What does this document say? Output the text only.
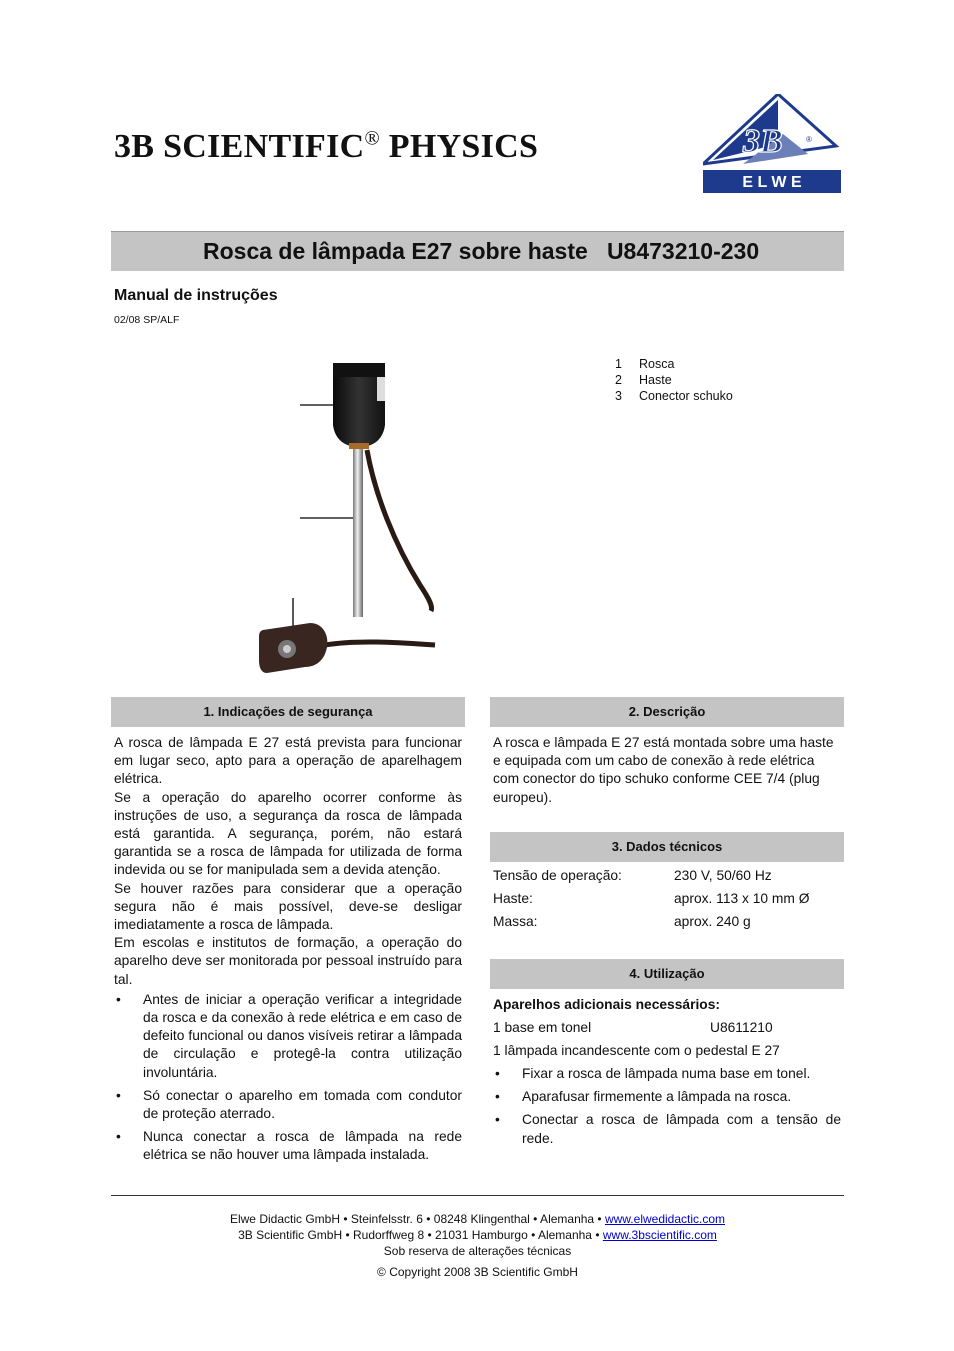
3B SCIENTIFIC® PHYSICS	3B	®
E L W E
Rosca de lâmpada E27 sobre haste   U8473210-230
Manual de instruções
02/08 SP/ALF
1	Rosca
2	Haste
3	Conector schuko
1. Indicações de segurança
A rosca de lâmpada E 27 está prevista para funcionar em lugar seco, apto para a operação de aparelhagem elétrica.
Se a operação do aparelho ocorrer conforme às instruções de uso, a segurança da rosca de lâmpada está garantida. A segurança, porém, não estará garantida se a rosca de lâmpada for utilizada de forma indevida ou se for manipulada sem a devida atenção.
Se houver razões para considerar que a operação segura não é mais possível, deve-se desligar imediatamente a rosca de lâmpada.
Em escolas e institutos de formação, a operação do aparelho deve ser monitorada por pessoal instruído para tal.
•	Antes de iniciar a operação verificar a integridade da rosca e da conexão à rede elétrica e em caso de defeito funcional ou danos visíveis retirar a lâmpada de circulação e protegê-la contra utilização involuntária.
•	Só conectar o aparelho em tomada com condutor de proteção aterrado.
•	Nunca conectar a rosca de lâmpada na rede elétrica se não houver uma lâmpada instalada.
2. Descrição
A rosca e lâmpada E 27 está montada sobre uma haste e equipada com um cabo de conexão à rede elétrica com conector do tipo schuko conforme CEE 7/4 (plug europeu).
3. Dados técnicos
Tensão de operação:	230 V, 50/60 Hz
Haste:	aprox. 113 x 10 mm Ø
Massa:	aprox. 240 g
4. Utilização
Aparelhos adicionais necessários:
1 base em tonel	U8611210
1 lâmpada incandescente com o pedestal E 27
•	Fixar a rosca de lâmpada numa base em tonel.
•	Aparafusar firmemente a lâmpada na rosca.
•	Conectar a rosca de lâmpada com a tensão de rede.
Elwe Didactic GmbH • Steinfelsstr. 6 • 08248 Klingenthal • Alemanha • www.elwedidactic.com
3B Scientific GmbH • Rudorffweg 8 • 21031 Hamburgo • Alemanha • www.3bscientific.com
Sob reserva de alterações técnicas
© Copyright 2008 3B Scientific GmbH
